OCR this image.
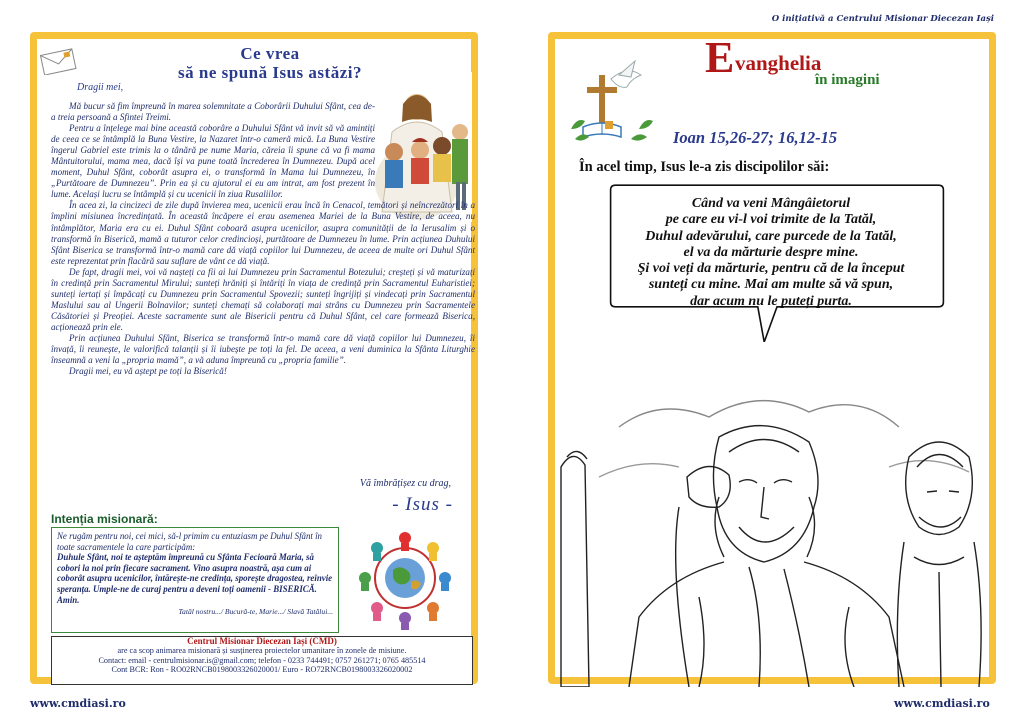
O inițiativă a Centrului Misionar Diecezan Iași
Ce vrea
să ne spună Isus astăzi?
Dragii mei,

Mă bucur să fim împreună în marea solemnitate a Coborârii Duhului Sfânt, cea de-a treia persoană a Sfintei Treimi.

Pentru a înțelege mai bine această coborâre a Duhului Sfânt vă invit să vă amintiți de ceea ce se întâmplă la Buna Vestire, la Nazaret într-o cameră mică. La Buna Vestire îngerul Gabriel este trimis la o tânără pe nume Maria, căreia îi spune că va fi mama Mântuitorului, mama mea, dacă își va pune toată încrederea în Dumnezeu. După acel moment, Duhul Sfânt, coborât asupra ei, o transformă în Mama lui Dumnezeu, în „Purtătoare de Dumnezeu”. Prin ea și cu ajutorul ei eu am intrat, am fost prezent în lume. Același lucru se întâmplă și cu ucenicii în ziua Rusaliilor.

În acea zi, la cincizeci de zile după învierea mea, ucenicii erau încă în Cenacol, temători și neîncrezători în a împlini misiunea încredințată. În această încăpere ei erau asemenea Mariei de la Buna Vestire, de aceea, nu întâmplător, Maria era cu ei. Duhul Sfânt coboară asupra ucenicilor, asupra comunității de la Ierusalim și o transformă în Biserică, mamă a tuturor celor credincioși, purtătoare de Dumnezeu în lume. Prin acțiunea Duhului Sfânt Biserica se transformă într-o mamă care dă viață copiilor lui Dumnezeu, de aceea de multe ori Duhul Sfânt este reprezentat prin flacără sau suflare de vânt ce dă viață.

De fapt, dragii mei, voi vă nașteți ca fii ai lui Dumnezeu prin Sacramentul Botezului; creșteți și vă maturizați în credință prin Sacramentul Mirului; sunteți hrăniți și întăriți în viața de credință prin Sacramentul Euharistiei; sunteți iertați și împăcați cu Dumnezeu prin Sacramentul Spovezii; sunteți îngrijiți și vindecați prin Sacramentul Maslului sau al Ungerii Bolnavilor; sunteți chemați să colaborați mai strâns cu Dumnezeu prin Sacramentele Căsătoriei și Preoției. Aceste sacramente sunt ale Bisericii pentru că Duhul Sfânt, cel care formează Biserica, acționează prin ele.

Prin acțiunea Duhului Sfânt, Biserica se transformă într-o mamă care dă viață copiilor lui Dumnezeu, îi învață, îi reunește, le valorifică talanții și îi iubește pe toți la fel. De aceea, a veni duminica la Sfânta Liturghie înseamnă a veni la „propria mamă”, a vă aduna împreună cu „propria familie”.

Dragii mei, eu vă aștept pe toți la Biserică!

Vă îmbrățișez cu drag,
- Isus -
Intenția misionară:
Ne rugăm pentru noi, cei mici, să-l primim cu entuziasm pe Duhul Sfânt în toate sacramentele la care participăm:
Duhule Sfânt, noi te așteptăm împreună cu Sfânta Fecioară Maria, să cobori la noi prin fiecare sacrament. Vino asupra noastră, așa cum ai coborât asupra ucenicilor, întărește-ne credința, sporește dragostea, reînvie speranța. Umple-ne de curaj pentru a deveni toți oamenii - BISERICĂ. Amin.
Tatăl nostru.../ Bucură-te, Marie.../ Slavă Tatălui...
Centrul Misionar Diecezan Iași (CMD)
are ca scop animarea misionară și susținerea proiectelor umanitare în zonele de misiune.
Contact: email - centrulmisionar.is@gmail.com; telefon - 0233 744491; 0757 261271; 0765 485514
Cont BCR: Ron - RO02RNCB0198003326020001/ Euro - RO72RNCB0198003326020002
www.cmdiasi.ro
E vanghelia
în imagini
Ioan 15,26-27; 16,12-15
În acel timp, Isus le-a zis discipolilor săi:
Când va veni Mângâietorul
pe care eu vi-l voi trimite de la Tatăl,
Duhul adevărului, care purcede de la Tatăl,
el va da mărturie despre mine.
Şi voi veți da mărturie, pentru că de la început
sunteți cu mine. Mai am multe să vă spun,
dar acum nu le puteți purta.
www.cmdiasi.ro
